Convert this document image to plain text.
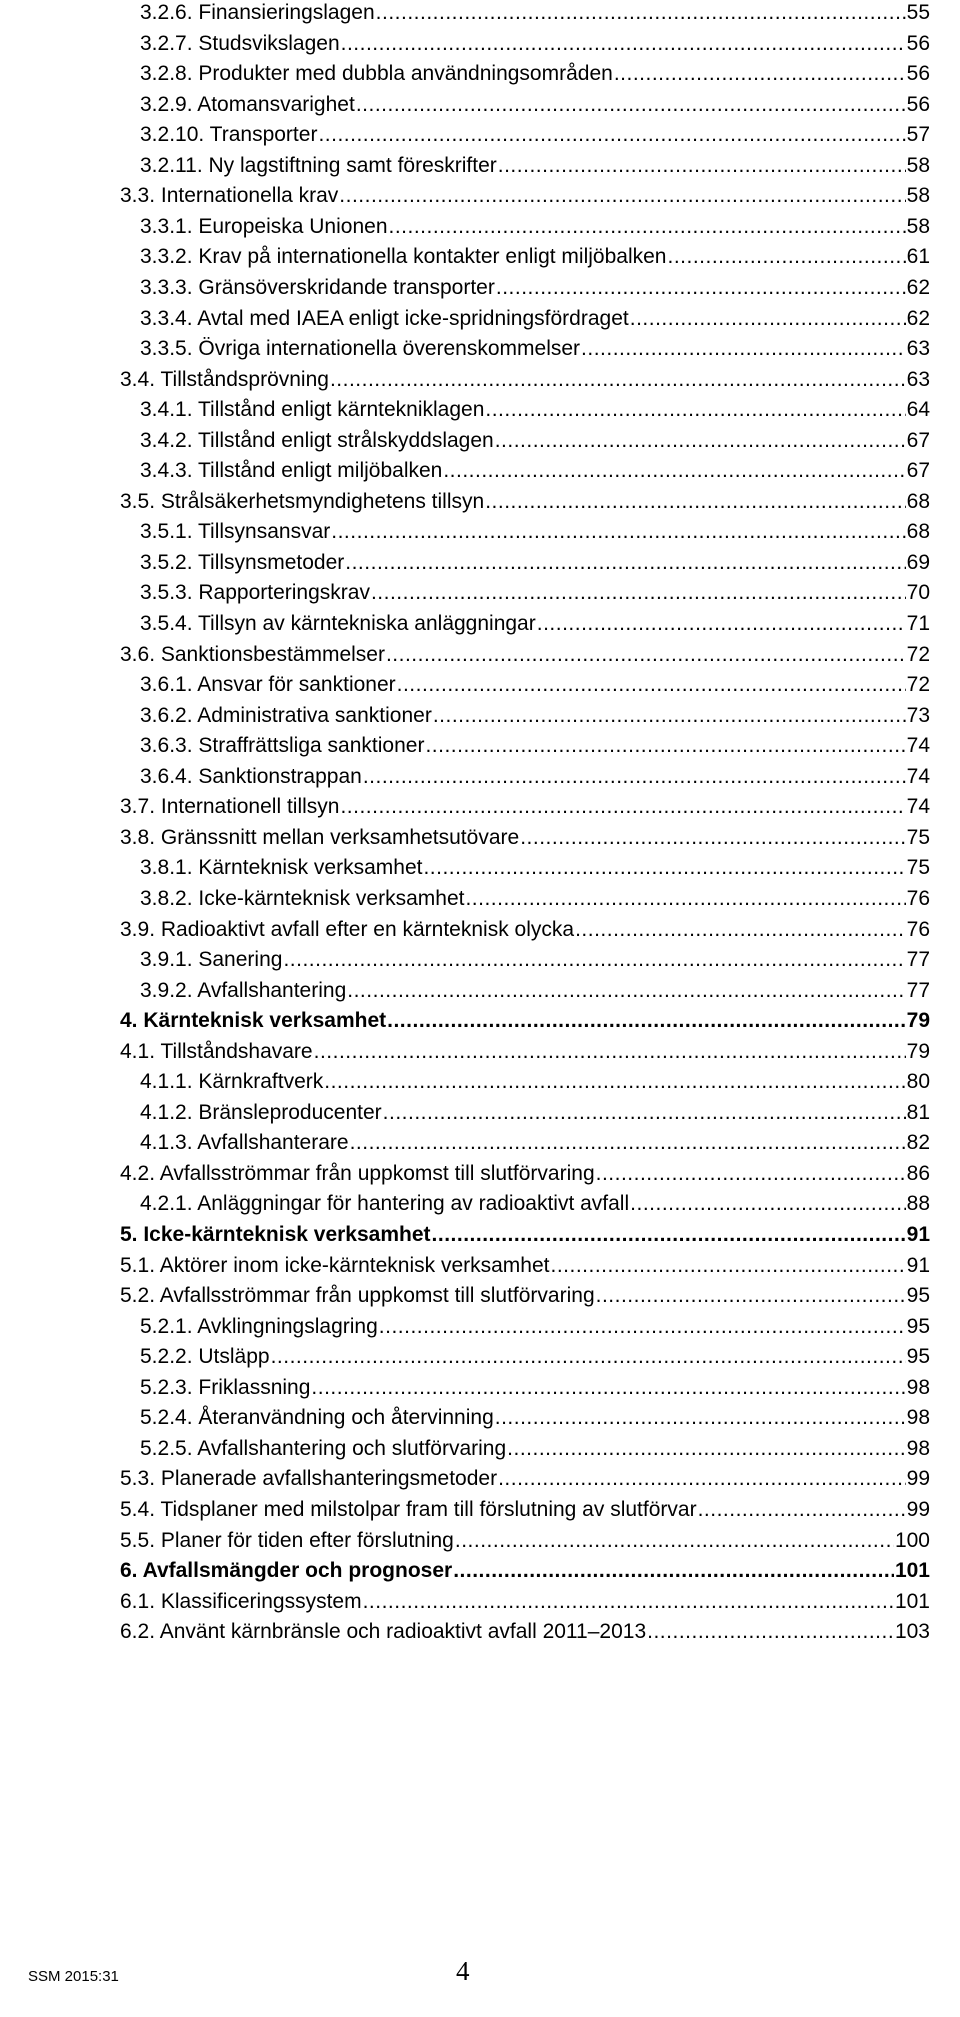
3.2.6. Finansieringslagen .....	55
3.2.7. Studsvikslagen .....	56
3.2.8. Produkter med dubbla användningsområden .....	56
3.2.9. Atomansvarighet .....	56
3.2.10. Transporter .....	57
3.2.11. Ny lagstiftning samt föreskrifter .....	58
3.3. Internationella krav .....	58
3.3.1. Europeiska Unionen .....	58
3.3.2. Krav på internationella kontakter enligt miljöbalken .....	61
3.3.3. Gränsöverskridande transporter .....	62
3.3.4. Avtal med IAEA enligt icke-spridningsfördraget .....	62
3.3.5. Övriga internationella överenskommelser .....	63
3.4. Tillståndsprövning .....	63
3.4.1. Tillstånd enligt kärntekniklagen .....	64
3.4.2. Tillstånd enligt strålskyddslagen .....	67
3.4.3. Tillstånd enligt miljöbalken .....	67
3.5. Strålsäkerhetsmyndighetens tillsyn .....	68
3.5.1. Tillsynsansvar .....	68
3.5.2. Tillsynsmetoder .....	69
3.5.3. Rapporteringskrav .....	70
3.5.4. Tillsyn av kärntekniska anläggningar .....	71
3.6. Sanktionsbestämmelser .....	72
3.6.1. Ansvar för sanktioner .....	72
3.6.2. Administrativa sanktioner .....	73
3.6.3. Straffrättsliga sanktioner .....	74
3.6.4. Sanktionstrappan .....	74
3.7. Internationell tillsyn .....	74
3.8. Gränssnitt mellan verksamhetsutövare .....	75
3.8.1. Kärnteknisk verksamhet .....	75
3.8.2. Icke-kärnteknisk verksamhet .....	76
3.9. Radioaktivt avfall efter en kärnteknisk olycka .....	76
3.9.1. Sanering .....	77
3.9.2. Avfallshantering .....	77
4. Kärnteknisk verksamhet .....	79
4.1. Tillståndshavare .....	79
4.1.1. Kärnkraftverk .....	80
4.1.2. Bränsleproducenter .....	81
4.1.3. Avfallshanterare .....	82
4.2. Avfallsströmmar från uppkomst till slutförvaring .....	86
4.2.1. Anläggningar för hantering av radioaktivt avfall .....	88
5. Icke-kärnteknisk verksamhet .....	91
5.1. Aktörer inom icke-kärnteknisk verksamhet .....	91
5.2. Avfallsströmmar från uppkomst till slutförvaring .....	95
5.2.1. Avklingningslagring .....	95
5.2.2. Utsläpp .....	95
5.2.3. Friklassning .....	98
5.2.4. Återanvändning och återvinning .....	98
5.2.5. Avfallshantering och slutförvaring .....	98
5.3. Planerade avfallshanteringsmetoder .....	99
5.4. Tidsplaner med milstolpar fram till förslutning av slutförvar .....	99
5.5. Planer för tiden efter förslutning .....	100
6. Avfallsmängder och prognoser .....	101
6.1. Klassificeringssystem .....	101
6.2. Använt kärnbränsle och radioaktivt avfall 2011–2013 .....	103
SSM 2015:31	4
